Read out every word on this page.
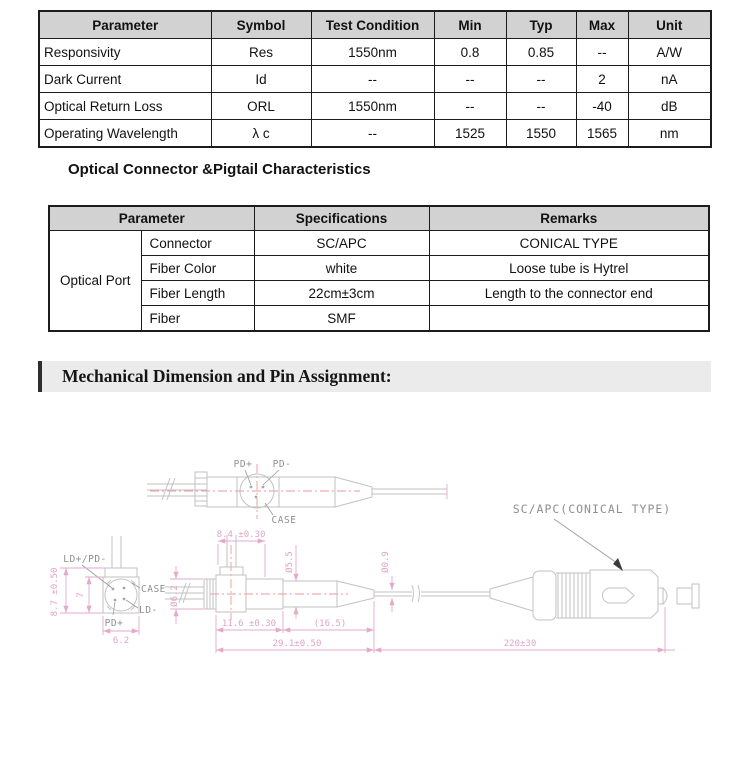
Parameter	Symbol	Test Condition	Min	Typ	Max	Unit
Responsivity	Res	1550nm	0.8	0.85	--	A/W
Dark Current	Id	--	--	--	2	nA
Optical Return Loss	ORL	1550nm	--	--	-40	dB
Operating Wavelength	λ c	--	1525	1550	1565	nm
Optical Connector &Pigtail Characteristics
Parameter		Specifications	Remarks
Optical Port	Connector	SC/APC	CONICAL TYPE
	Fiber Color	white	Loose tube is Hytrel
	Fiber Length	22cm±3cm	Length to the connector end
	Fiber	SMF	
Mechanical Dimension and Pin Assignment:
PD+ PD-
CASE
LD+/PD-
CASE
LD-
PD+
8.7 ±0.50 7
6.2
8.4 ±0.30
Ø6.2
Ø5.5	Ø0.9
11.6 ±0.30	(16.5)
29.1±0.50
SC/APC(CONICAL TYPE)
220±30
